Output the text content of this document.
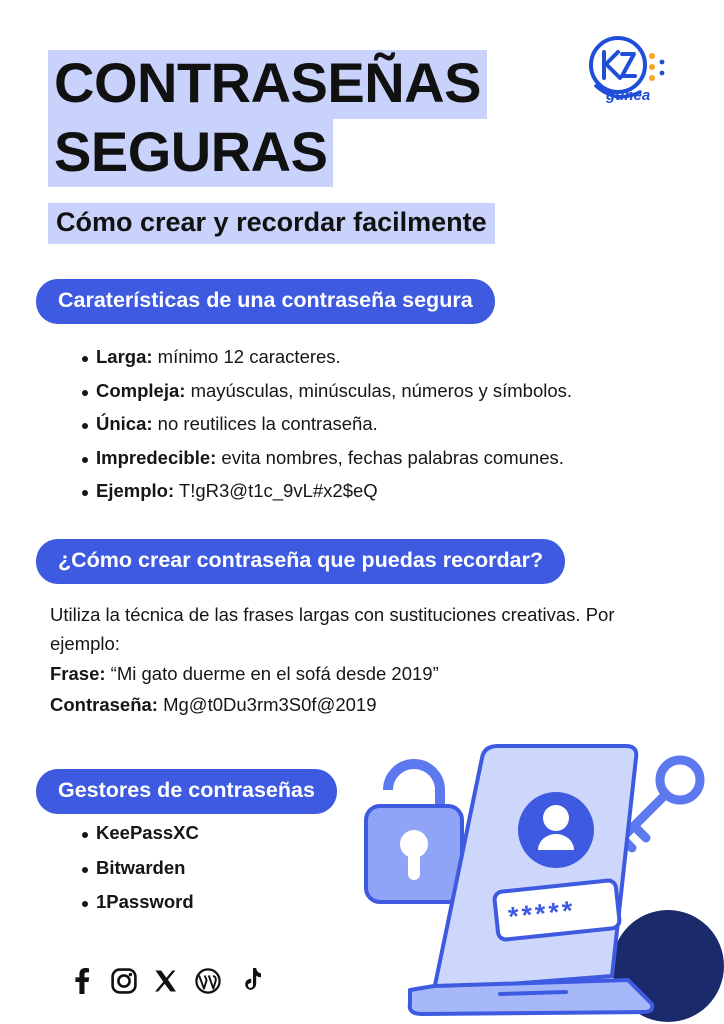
gunea
CONTRASEÑAS
SEGURAS
Cómo crear y recordar facilmente
Caraterísticas de una contraseña segura
Larga: mínimo 12 caracteres.
Compleja: mayúsculas, minúsculas, números y símbolos.
Única: no reutilices la contraseña.
Impredecible: evita nombres, fechas palabras comunes.
Ejemplo: T!gR3@t1c_9vL#x2$eQ
¿Cómo crear contraseña que puedas recordar?

Utiliza la técnica de las frases largas con sustituciones creativas. Por ejemplo:

Frase: “Mi gato duerme en el sofá desde 2019”

Contraseña: Mg@t0Du3rm3S0f@2019

Gestores de contraseñas
KeePassXC
Bitwarden
1Password	*****
